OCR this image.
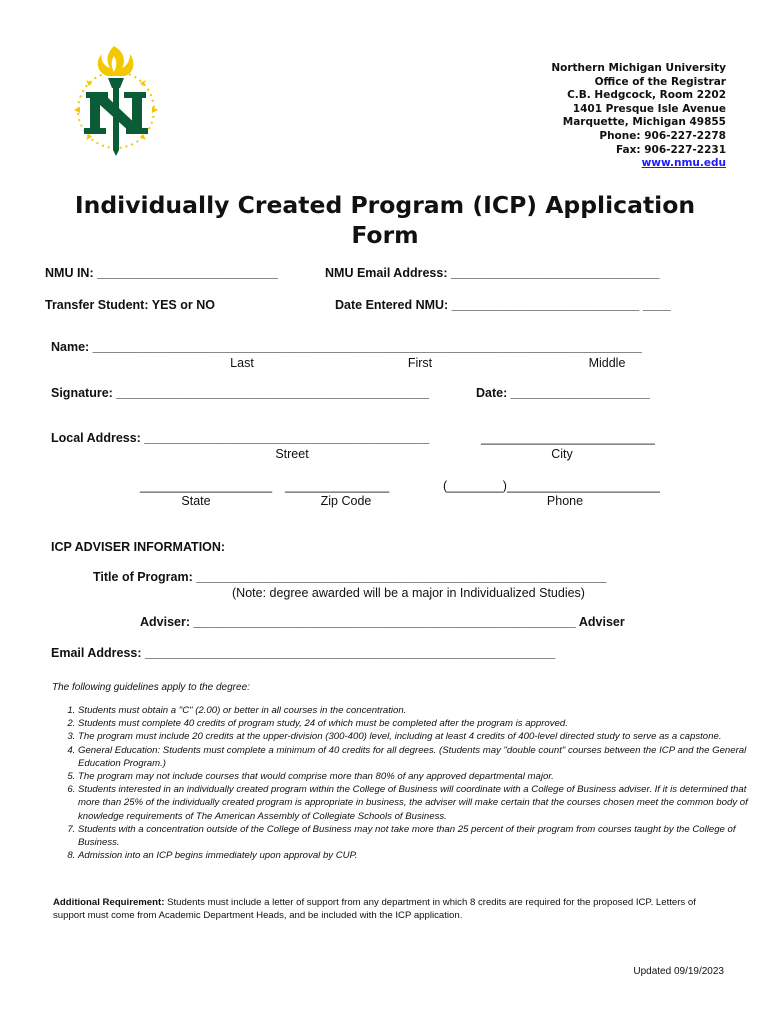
Northern Michigan University
Office of the Registrar
C.B. Hedgcock, Room 2202
1401 Presque Isle Avenue
Marquette, Michigan 49855
Phone: 906-227-2278
Fax: 906-227-2231
www.nmu.edu
Individually Created Program (ICP) Application
Form
NMU IN: __________________________	NMU Email Address: ______________________________
Transfer Student: YES or NO	Date Entered NMU: ___________________________ ____
Name: _______________________________________________________________________________
Last	First	Middle
Signature: _____________________________________________	Date: ____________________
Local Address: _________________________________________	_________________________
Street	City
___________________ _______________	(________)______________________
State	Zip Code	Phone
ICP ADVISER INFORMATION:
Title of Program: ___________________________________________________________
(Note: degree awarded will be a major in Individualized Studies)
Adviser: _______________________________________________________ Adviser
Email Address: ___________________________________________________________
The following guidelines apply to the degree:
1. Students must obtain a "C" (2.00) or better in all courses in the concentration.
2. Students must complete 40 credits of program study, 24 of which must be completed after the program is approved.
3. The program must include 20 credits at the upper-division (300-400) level, including at least 4 credits of 400-level directed study to serve as a capstone.
4. General Education: Students must complete a minimum of 40 credits for all degrees. (Students may "double count" courses between the ICP and the General Education Program.)
5. The program may not include courses that would comprise more than 80% of any approved departmental major.
6. Students interested in an individually created program within the College of Business will coordinate with a College of Business adviser. If it is determined that more than 25% of the individually created program is appropriate in business, the adviser will make certain that the courses chosen meet the common body of knowledge requirements of The American Assembly of Collegiate Schools of Business.
7. Students with a concentration outside of the College of Business may not take more than 25 percent of their program from courses taught by the College of Business.
8. Admission into an ICP begins immediately upon approval by CUP.
Additional Requirement: Students must include a letter of support from any department in which 8 credits are required for the proposed ICP. Letters of support must come from Academic Department Heads, and be included with the ICP application.
Updated 09/19/2023
